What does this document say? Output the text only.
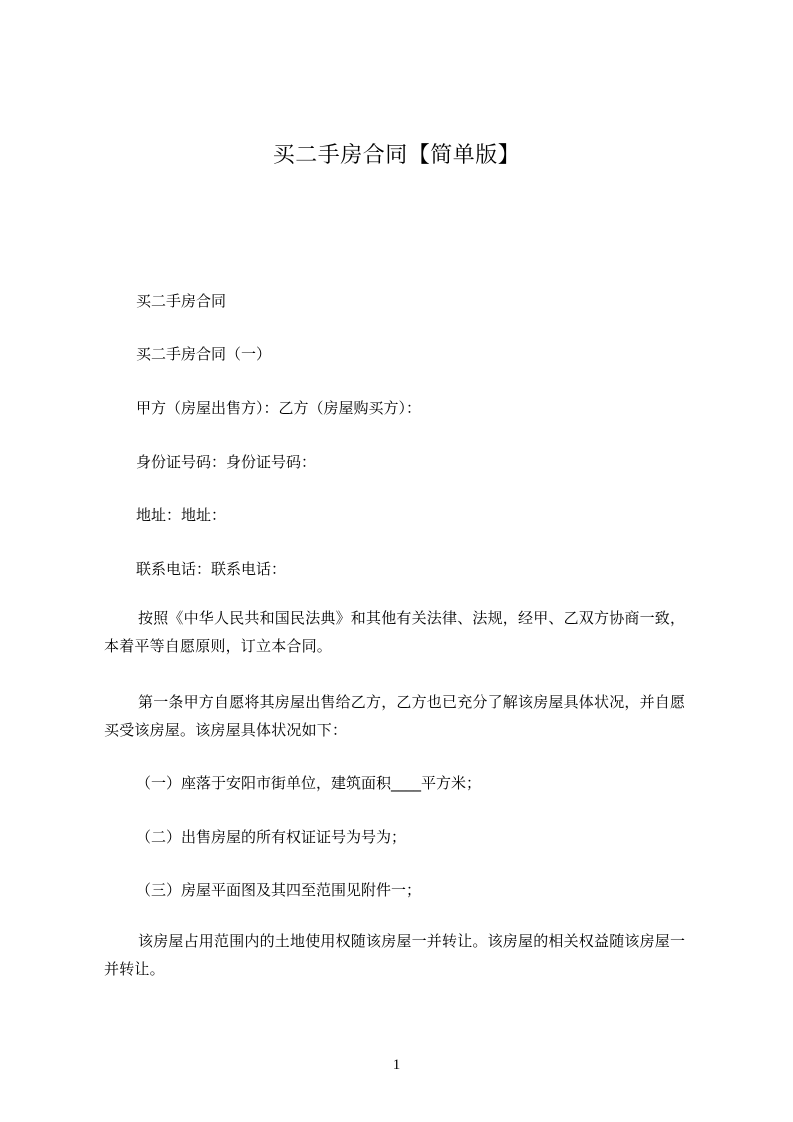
买二手房合同【简单版】

买二手房合同

买二手房合同（一）

甲方（房屋出售方）：乙方（房屋购买方）：

身份证号码：身份证号码：

地址：地址：

联系电话：联系电话：

按照《中华人民共和国民法典》和其他有关法律、法规，经甲、乙双方协商一致，本着平等自愿原则，订立本合同。

第一条甲方自愿将其房屋出售给乙方，乙方也已充分了解该房屋具体状况，并自愿买受该房屋。该房屋具体状况如下：

（一）座落于安阳市街单位，建筑面积____平方米；

（二）出售房屋的所有权证证号为号为；

（三）房屋平面图及其四至范围见附件一；

该房屋占用范围内的土地使用权随该房屋一并转让。该房屋的相关权益随该房屋一并转让。

1
